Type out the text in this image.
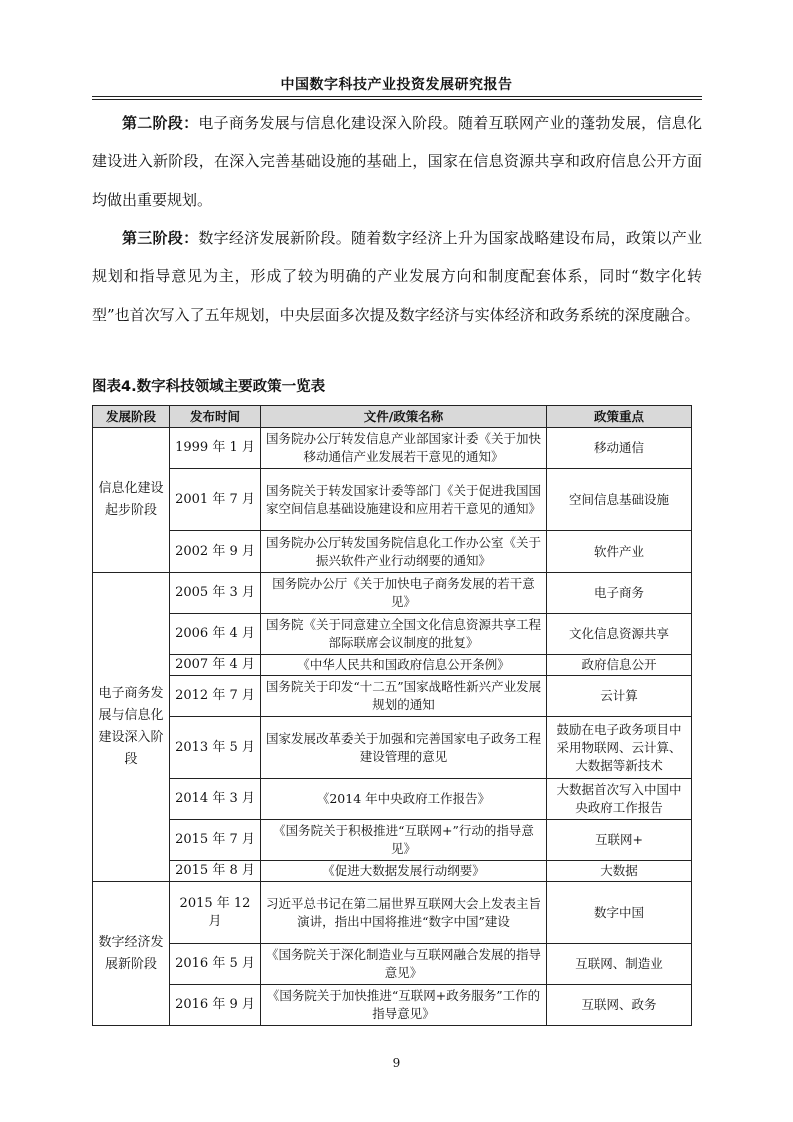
中国数字科技产业投资发展研究报告

第二阶段：电子商务发展与信息化建设深入阶段。随着互联网产业的蓬勃发展，信息化建设进入新阶段，在深入完善基础设施的基础上，国家在信息资源共享和政府信息公开方面均做出重要规划。

第三阶段：数字经济发展新阶段。随着数字经济上升为国家战略建设布局，政策以产业规划和指导意见为主，形成了较为明确的产业发展方向和制度配套体系，同时“数字化转型”也首次写入了五年规划，中央层面多次提及数字经济与实体经济和政务系统的深度融合。

图表4.数字科技领域主要政策一览表
发展阶段	发布时间	文件/政策名称	政策重点
信息化建设起步阶段	1999 年 1 月	国务院办公厅转发信息产业部国家计委《关于加快移动通信产业发展若干意见的通知》	移动通信
	2001 年 7 月	国务院关于转发国家计委等部门《关于促进我国国家空间信息基础设施建设和应用若干意见的通知》	空间信息基础设施
	2002 年 9 月	国务院办公厅转发国务院信息化工作办公室《关于振兴软件产业行动纲要的通知》	软件产业
电子商务发展与信息化建设深入阶段	2005 年 3 月	国务院办公厅《关于加快电子商务发展的若干意见》	电子商务
	2006 年 4 月	国务院《关于同意建立全国文化信息资源共享工程部际联席会议制度的批复》	文化信息资源共享
	2007 年 4 月	《中华人民共和国政府信息公开条例》	政府信息公开
	2012 年 7 月	国务院关于印发“十二五”国家战略性新兴产业发展规划的通知	云计算
	2013 年 5 月	国家发展改革委关于加强和完善国家电子政务工程建设管理的意见	鼓励在电子政务项目中采用物联网、云计算、大数据等新技术
	2014 年 3 月	《2014 年中央政府工作报告》	大数据首次写入中国中央政府工作报告
	2015 年 7 月	《国务院关于积极推进“互联网+”行动的指导意见》	互联网+
	2015 年 8 月	《促进大数据发展行动纲要》	大数据
数字经济发展新阶段	2015 年 12 月	习近平总书记在第二届世界互联网大会上发表主旨演讲，指出中国将推进“数字中国”建设	数字中国
	2016 年 5 月	《国务院关于深化制造业与互联网融合发展的指导意见》	互联网、制造业
	2016 年 9 月	《国务院关于加快推进“互联网+政务服务”工作的指导意见》	互联网、政务
9
